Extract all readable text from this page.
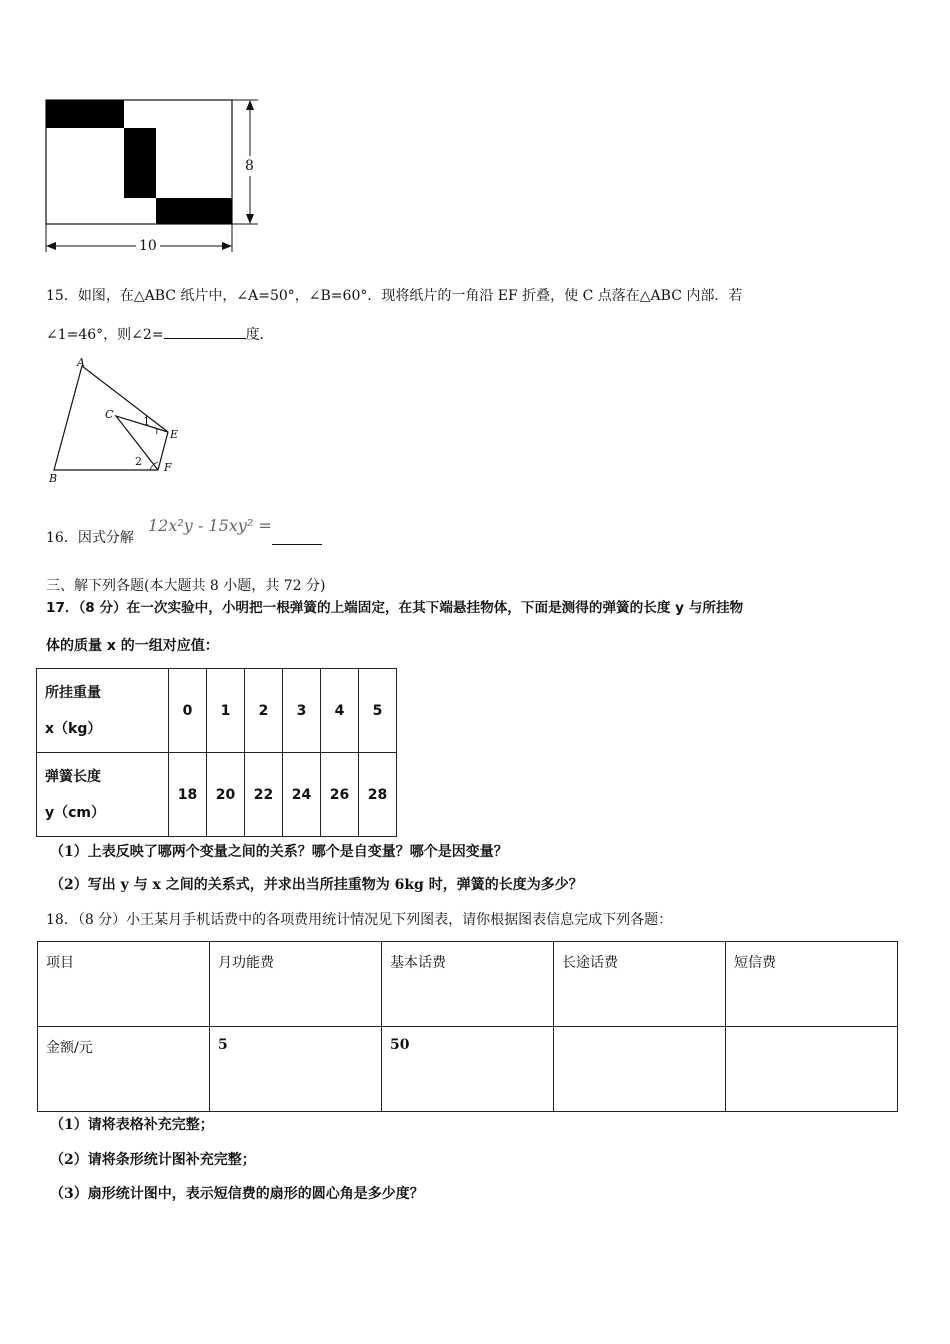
8
10
15．如图，在△ABC 纸片中，∠A=50°，∠B=60°．现将纸片的一角沿 EF 折叠，使 C 点落在△ABC 内部．若
∠1=46°，则∠2=	度．
A
C
1
E
2 F
B
16．因式分解
12x²y - 15xy² =
三、解下列各题(本大题共 8 小题，共 72 分)
17．（8 分）在一次实验中，小明把一根弹簧的上端固定，在其下端悬挂物体，下面是测得的弹簧的长度 y 与所挂物
体的质量 x 的一组对应值：
所挂重量
x（kg）	0	1	2	3	4	5

弹簧长度
y（cm）	18	20	22	24	26	28
（1）上表反映了哪两个变量之间的关系？哪个是自变量？哪个是因变量？
（2）写出 y 与 x 之间的关系式，并求出当所挂重物为 6kg 时，弹簧的长度为多少？
18．（8 分）小王某月手机话费中的各项费用统计情况见下列图表，请你根据图表信息完成下列各题：
项目	月功能费	基本话费	长途话费	短信费
金额/元	5	50		
（1）请将表格补充完整；
（2）请将条形统计图补充完整；
（3）扇形统计图中，表示短信费的扇形的圆心角是多少度？
